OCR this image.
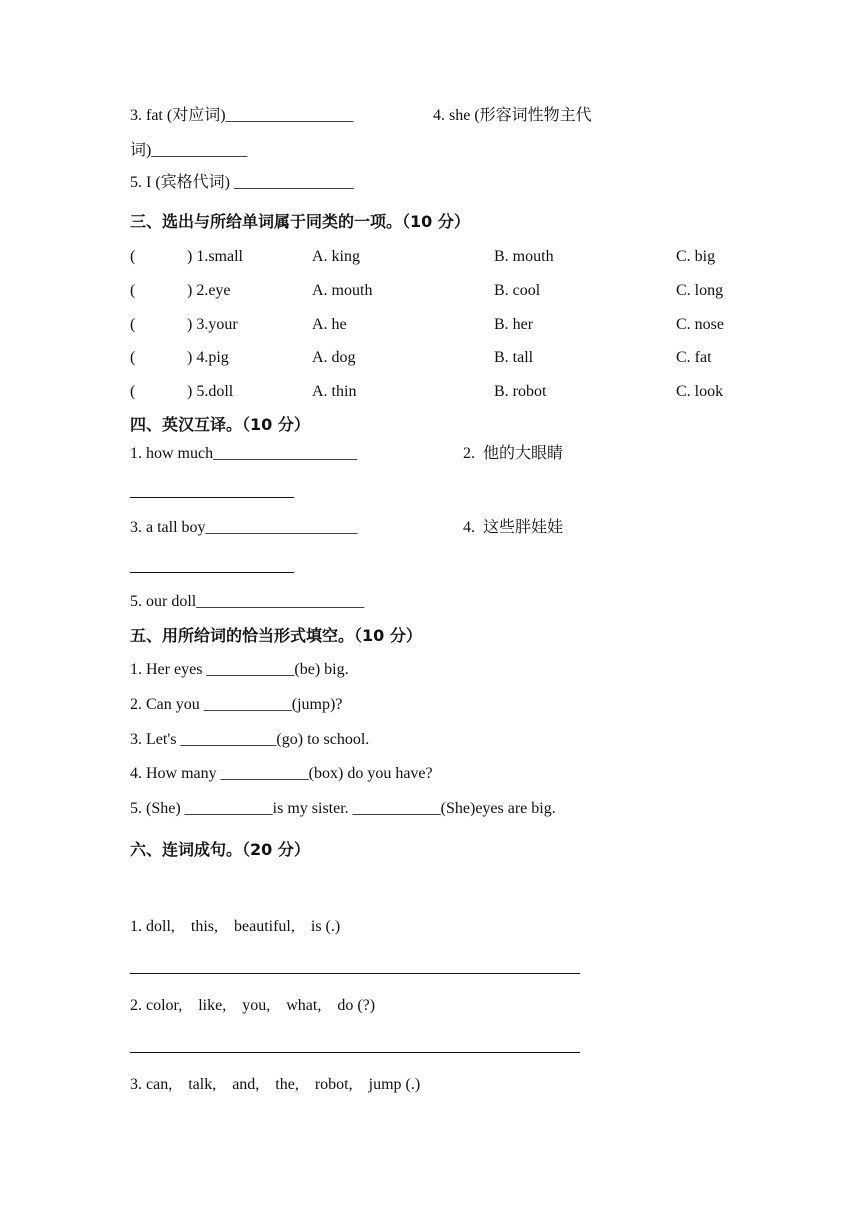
3. fat (对应词)________________	4. she (形容词性物主代
词)____________
5. I (宾格代词) _______________
三、选出与所给单词属于同类的一项。（10 分）
(	) 1.small	A. king	B. mouth	C. big
(	) 2.eye	A. mouth	B. cool	C. long
(	) 3.your	A. he	B. her	C. nose
(	) 4.pig	A. dog	B. tall	C. fat
(	) 5.doll	A. thin	B. robot	C. look
四、英汉互译。（10 分）
1. how much__________________	2.  他的大眼睛
3. a tall boy___________________	4.  这些胖娃娃
5. our doll_____________________
五、用所给词的恰当形式填空。（10 分）
1. Her eyes ___________(be) big.
2. Can you ___________(jump)?
3. Let's ____________(go) to school.
4. How many ___________(box) do you have?
5. (She) ___________is my sister. ___________(She)eyes are big.
六、连词成句。（20 分）
1. doll,    this,    beautiful,    is (.)
2. color,    like,    you,    what,    do (?)
3. can,    talk,    and,    the,    robot,    jump (.)
